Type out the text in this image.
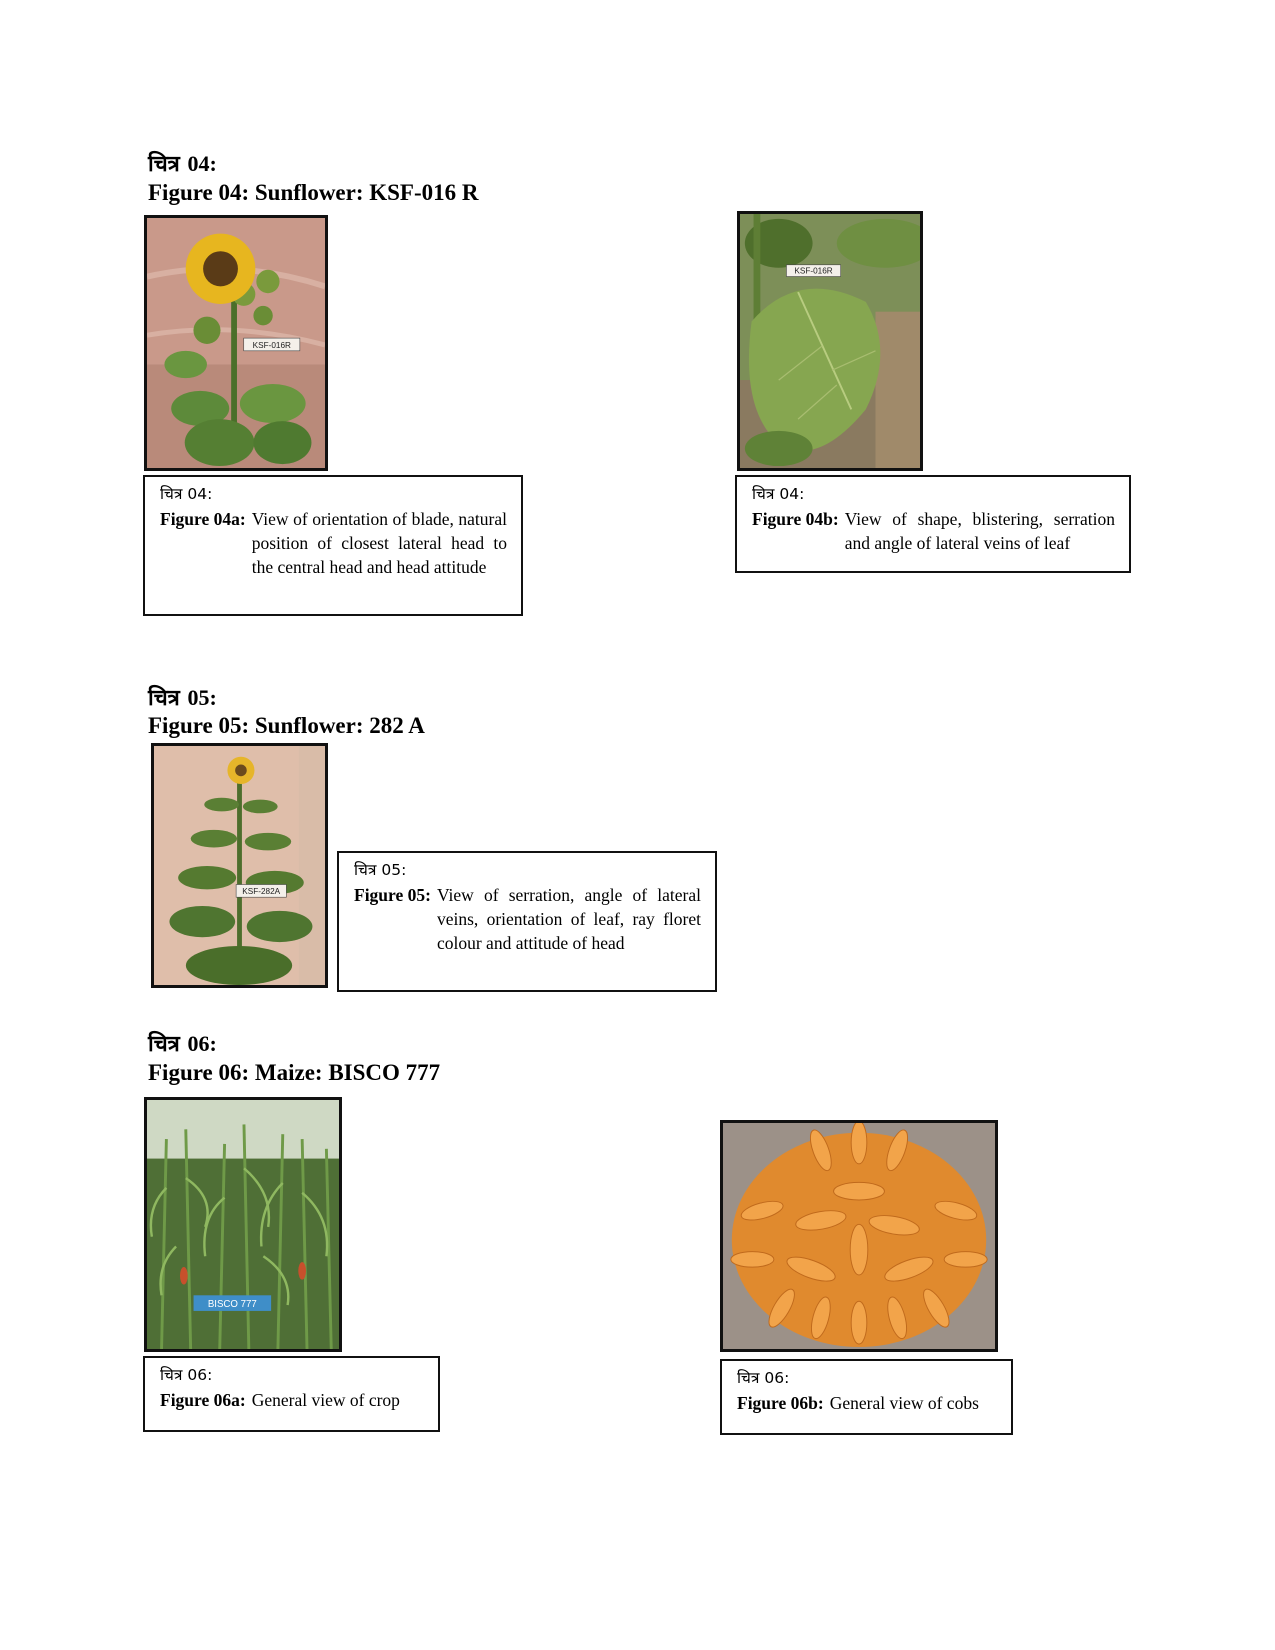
चित्र 04:
Figure 04: Sunflower: KSF-016 R
KSF-016R
KSF-016R
चित्र 04:
Figure 04a: View of orientation of blade, natural position of closest lateral head to the central head and head attitude
चित्र 04:
Figure 04b: View of shape, blistering, serration and angle of lateral veins of leaf
चित्र 05:
Figure 05: Sunflower: 282 A
KSF-282A
चित्र 05:
Figure 05: View of serration, angle of lateral veins, orientation of leaf, ray floret colour and attitude of head
चित्र 06:
Figure 06: Maize: BISCO 777
BISCO 777
चित्र 06:
Figure 06a: General view of crop
चित्र 06:
Figure 06b: General view of cobs
